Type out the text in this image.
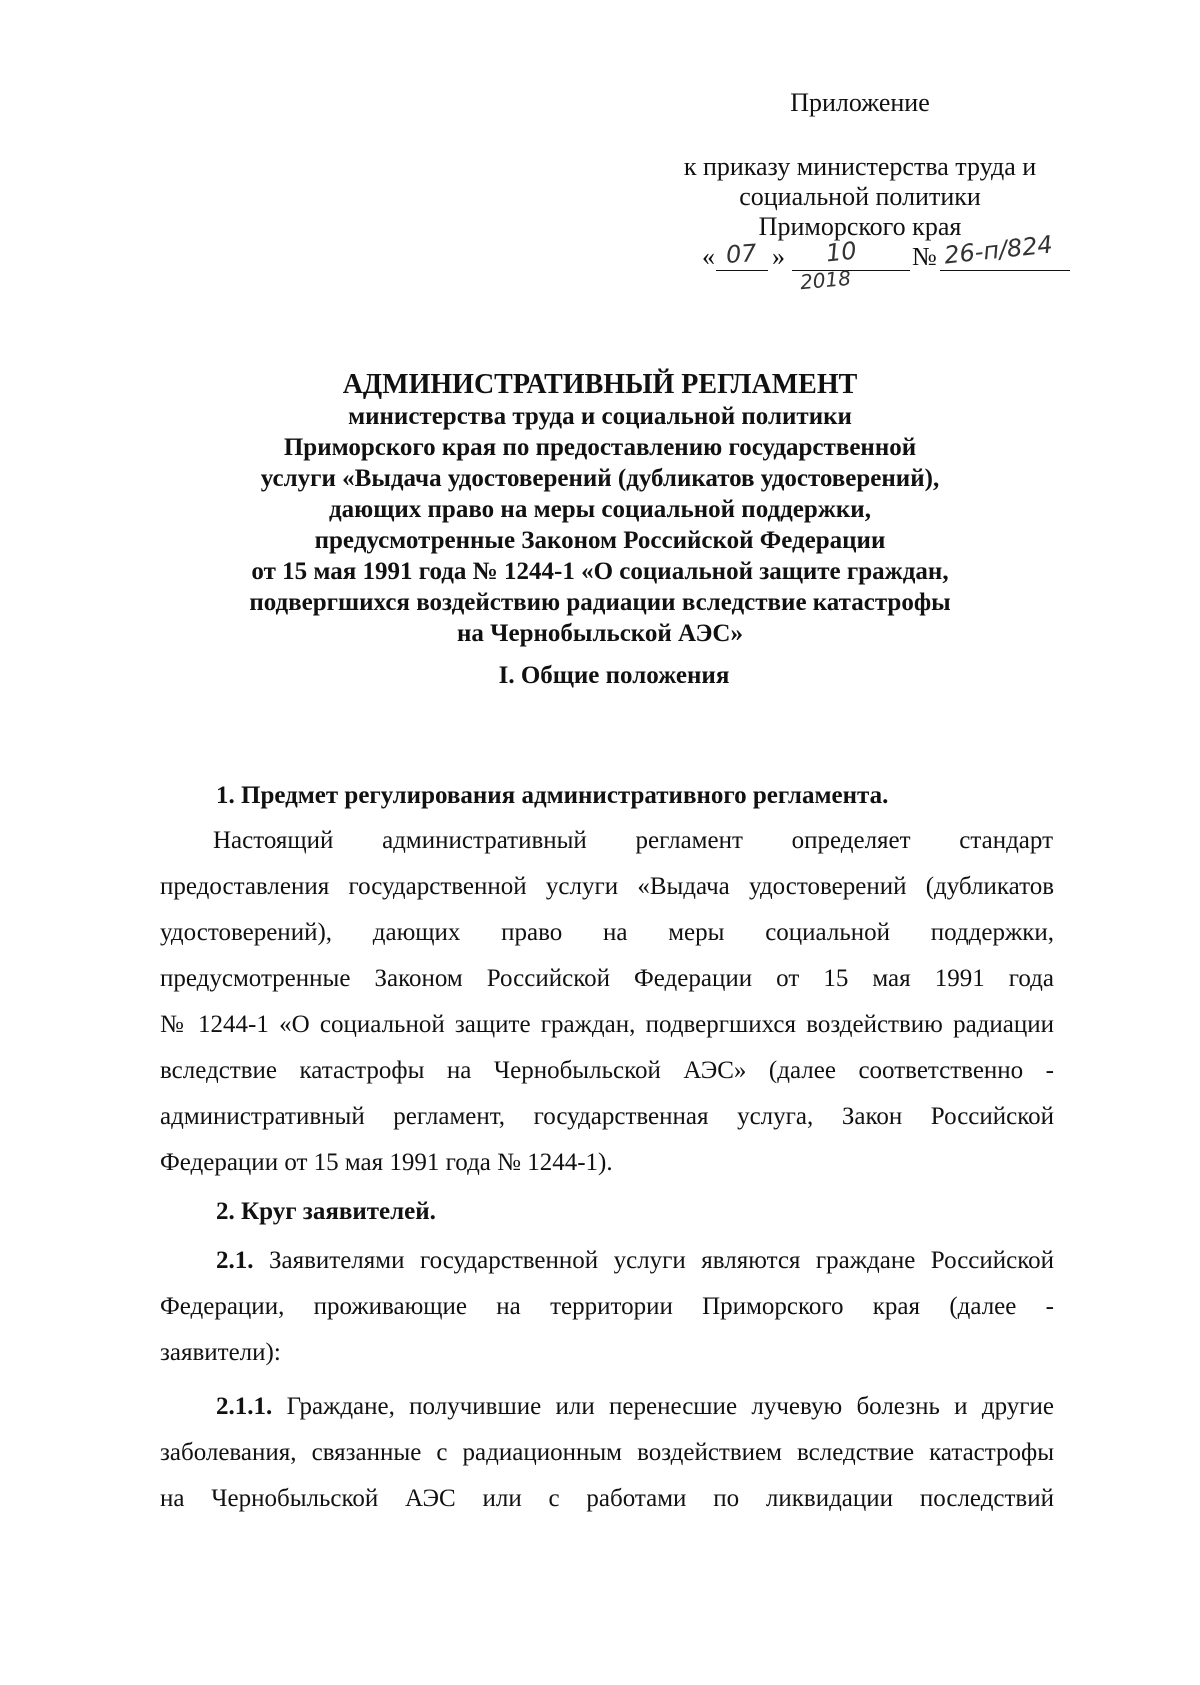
Приложение
к приказу министерства труда и
социальной политики
Приморского края
« 07 » 10
2018
№ 26-п/824
АДМИНИСТРАТИВНЫЙ РЕГЛАМЕНТ
министерства труда и социальной политики
Приморского края по предоставлению государственной
услуги «Выдача удостоверений (дубликатов удостоверений),
дающих право на меры социальной поддержки,
предусмотренные Законом Российской Федерации
от 15 мая 1991 года № 1244-1 «О социальной защите граждан,
подвергшихся воздействию радиации вследствие катастрофы
на Чернобыльской АЭС»
I. Общие положения
1. Предмет регулирования административного регламента.
Настоящий административный регламент определяет стандарт
предоставления государственной услуги «Выдача удостоверений (дубликатов
удостоверений), дающих право на меры социальной поддержки,
предусмотренные Законом Российской Федерации от 15 мая 1991 года
№ 1244-1 «О социальной защите граждан, подвергшихся воздействию радиации
вследствие катастрофы на Чернобыльской АЭС» (далее соответственно -
административный регламент, государственная услуга, Закон Российской
Федерации от 15 мая 1991 года № 1244-1).
2. Круг заявителей.
2.1. Заявителями государственной услуги являются граждане Российской
Федерации, проживающие на территории Приморского края (далее -
заявители):
2.1.1. Граждане, получившие или перенесшие лучевую болезнь и другие
заболевания, связанные с радиационным воздействием вследствие катастрофы
на Чернобыльской АЭС или с работами по ликвидации последствий
